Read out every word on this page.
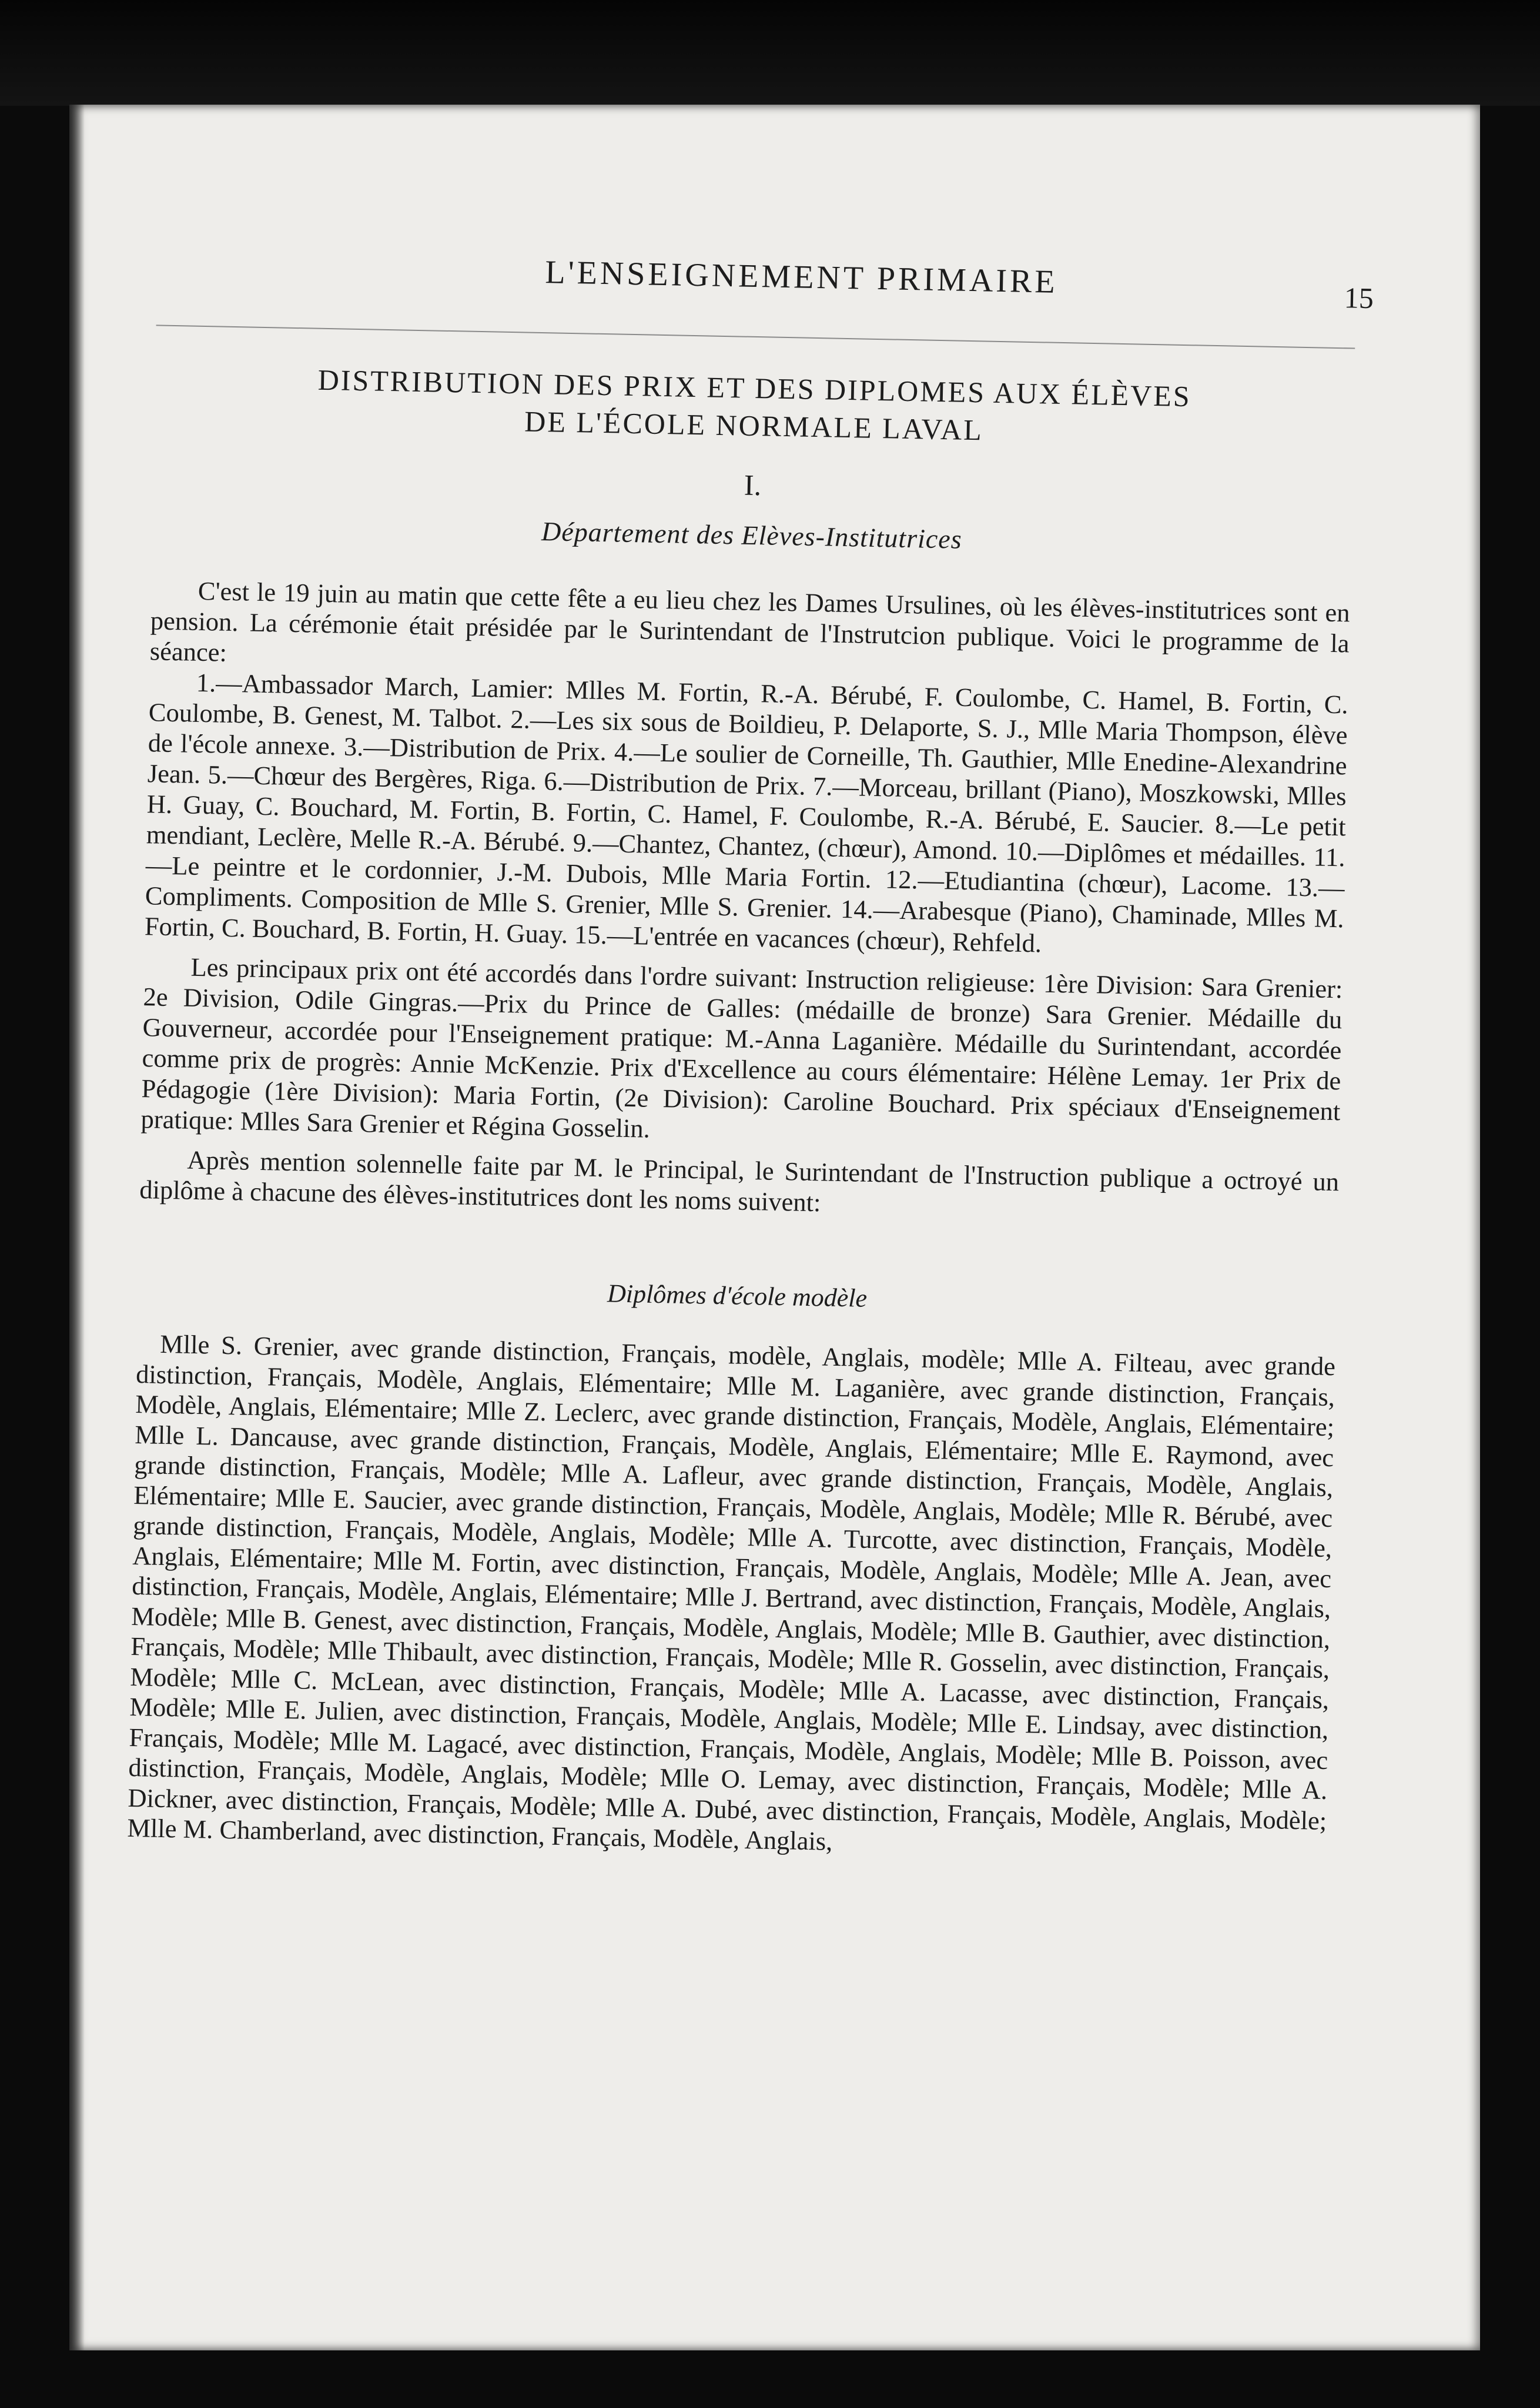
L'ENSEIGNEMENT PRIMAIRE	15

DISTRIBUTION DES PRIX ET DES DIPLOMES AUX ÉLÈVES

DE L'ÉCOLE NORMALE LAVAL

I.

Département des Elèves-Institutrices

C'est le 19 juin au matin que cette fête a eu lieu chez les Dames Ursulines, où les élèves-institutrices sont en pension. La cérémonie était présidée par le Surintendant de l'Instrutcion publique. Voici le programme de la séance:

1.—Ambassador March, Lamier: Mlles M. Fortin, R.-A. Bérubé, F. Coulombe, C. Hamel, B. Fortin, C. Coulombe, B. Genest, M. Talbot. 2.—Les six sous de Boildieu, P. Delaporte, S. J., Mlle Maria Thompson, élève de l'école annexe. 3.—Distribution de Prix. 4.—Le soulier de Corneille, Th. Gauthier, Mlle Enedine-Alexandrine Jean. 5.—Chœur des Bergères, Riga. 6.—Distribution de Prix. 7.—Morceau, brillant (Piano), Moszkowski, Mlles H. Guay, C. Bouchard, M. Fortin, B. Fortin, C. Hamel, F. Coulombe, R.-A. Bérubé, E. Saucier. 8.—Le petit mendiant, Leclère, Melle R.-A. Bérubé. 9.—Chantez, Chantez, (chœur), Amond. 10.—Diplômes et médailles. 11.—Le peintre et le cordonnier, J.-M. Dubois, Mlle Maria Fortin. 12.—Etudiantina (chœur), Lacome. 13.—Compliments. Composition de Mlle S. Grenier, Mlle S. Grenier. 14.—Arabesque (Piano), Chaminade, Mlles M. Fortin, C. Bouchard, B. Fortin, H. Guay. 15.—L'entrée en vacances (chœur), Rehfeld.

Les principaux prix ont été accordés dans l'ordre suivant: Instruction religieuse: 1ère Division: Sara Grenier: 2e Division, Odile Gingras.—Prix du Prince de Galles: (médaille de bronze) Sara Grenier. Médaille du Gouverneur, accordée pour l'Enseignement pratique: M.-Anna Laganière. Médaille du Surintendant, accordée comme prix de progrès: Annie McKenzie. Prix d'Excellence au cours élémentaire: Hélène Lemay. 1er Prix de Pédagogie (1ère Division): Maria Fortin, (2e Division): Caroline Bouchard. Prix spéciaux d'Enseignement pratique: Mlles Sara Grenier et Régina Gosselin.

Après mention solennelle faite par M. le Principal, le Surintendant de l'Instruction publique a octroyé un diplôme à chacune des élèves-institutrices dont les noms suivent:

Diplômes d'école modèle

Mlle S. Grenier, avec grande distinction, Français, modèle, Anglais, modèle; Mlle A. Filteau, avec grande distinction, Français, Modèle, Anglais, Elémentaire; Mlle M. Laganière, avec grande distinction, Français, Modèle, Anglais, Elémentaire; Mlle Z. Leclerc, avec grande distinction, Français, Modèle, Anglais, Elémentaire; Mlle L. Dancause, avec grande distinction, Français, Modèle, Anglais, Elémentaire; Mlle E. Raymond, avec grande distinction, Français, Modèle; Mlle A. Lafleur, avec grande distinction, Français, Modèle, Anglais, Elémentaire; Mlle E. Saucier, avec grande distinction, Français, Modèle, Anglais, Modèle; Mlle R. Bérubé, avec grande distinction, Français, Modèle, Anglais, Modèle; Mlle A. Turcotte, avec distinction, Français, Modèle, Anglais, Elémentaire; Mlle M. Fortin, avec distinction, Français, Modèle, Anglais, Modèle; Mlle A. Jean, avec distinction, Français, Modèle, Anglais, Elémentaire; Mlle J. Bertrand, avec distinction, Français, Modèle, Anglais, Modèle; Mlle B. Genest, avec distinction, Français, Modèle, Anglais, Modèle; Mlle B. Gauthier, avec distinction, Français, Modèle; Mlle Thibault, avec distinction, Français, Modèle; Mlle R. Gosselin, avec distinction, Français, Modèle; Mlle C. McLean, avec distinction, Français, Modèle; Mlle A. Lacasse, avec distinction, Français, Modèle; Mlle E. Julien, avec distinction, Français, Modèle, Anglais, Modèle; Mlle E. Lindsay, avec distinction, Français, Modèle; Mlle M. Lagacé, avec distinction, Français, Modèle, Anglais, Modèle; Mlle B. Poisson, avec distinction, Français, Modèle, Anglais, Modèle; Mlle O. Lemay, avec distinction, Français, Modèle; Mlle A. Dickner, avec distinction, Français, Modèle; Mlle A. Dubé, avec distinction, Français, Modèle, Anglais, Modèle; Mlle M. Chamberland, avec distinction, Français, Modèle, Anglais,
